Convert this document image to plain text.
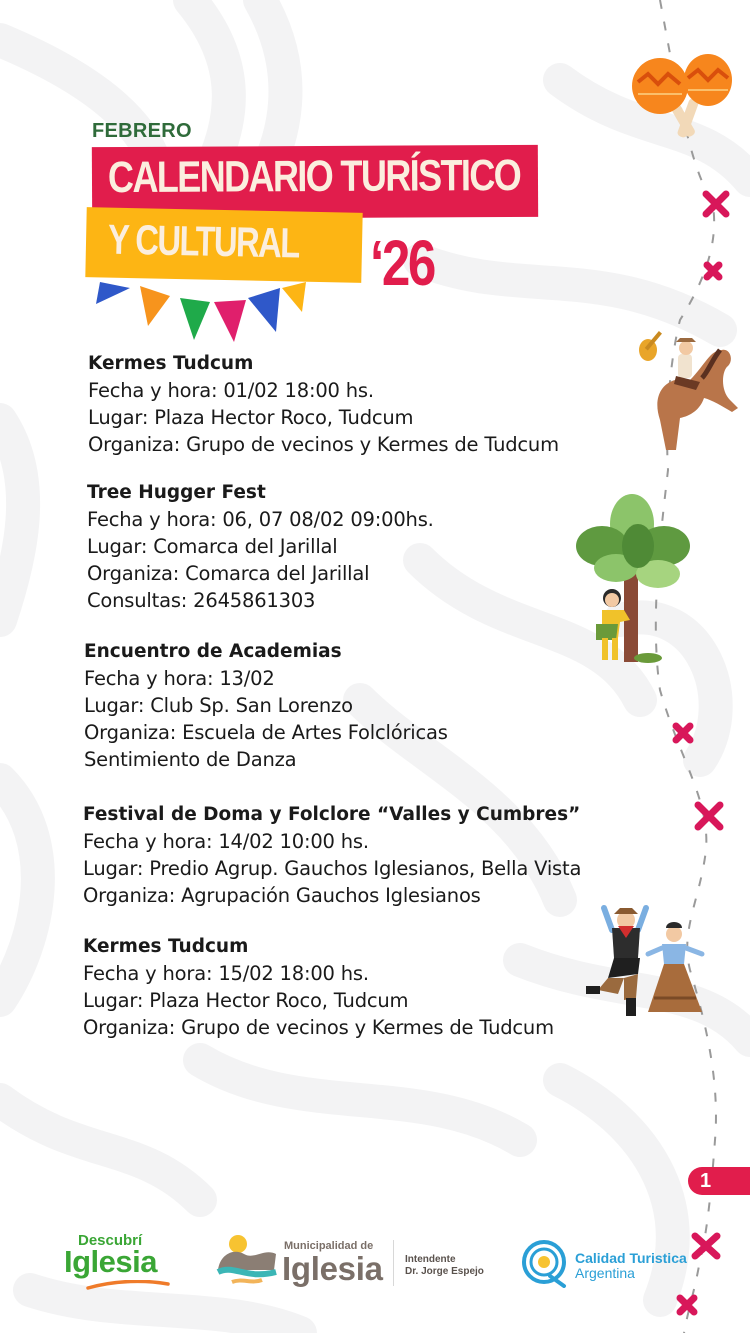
FEBRERO
CALENDARIO TURÍSTICO
Y CULTURAL ‘26
Kermes Tudcum
Fecha y hora: 01/02 18:00 hs.
Lugar: Plaza Hector Roco, Tudcum
Organiza: Grupo de vecinos y Kermes de Tudcum
Tree Hugger Fest
Fecha y hora: 06, 07 08/02 09:00hs.
Lugar: Comarca del Jarillal
Organiza: Comarca del Jarillal
Consultas: 2645861303
Encuentro de Academias
Fecha y hora: 13/02
Lugar: Club Sp. San Lorenzo
Organiza: Escuela de Artes Folclóricas
Sentimiento de Danza
Festival de Doma y Folclore “Valles y Cumbres”
Fecha y hora: 14/02 10:00 hs.
Lugar: Predio Agrup. Gauchos Iglesianos, Bella Vista
Organiza: Agrupación Gauchos Iglesianos
Kermes Tudcum
Fecha y hora: 15/02 18:00 hs.
Lugar: Plaza Hector Roco, Tudcum
Organiza: Grupo de vecinos y Kermes de Tudcum
1
Descubrí
Iglesia	Municipalidad de
Iglesia Intendente
Dr. Jorge Espejo
Calidad Turistica
Argentina
